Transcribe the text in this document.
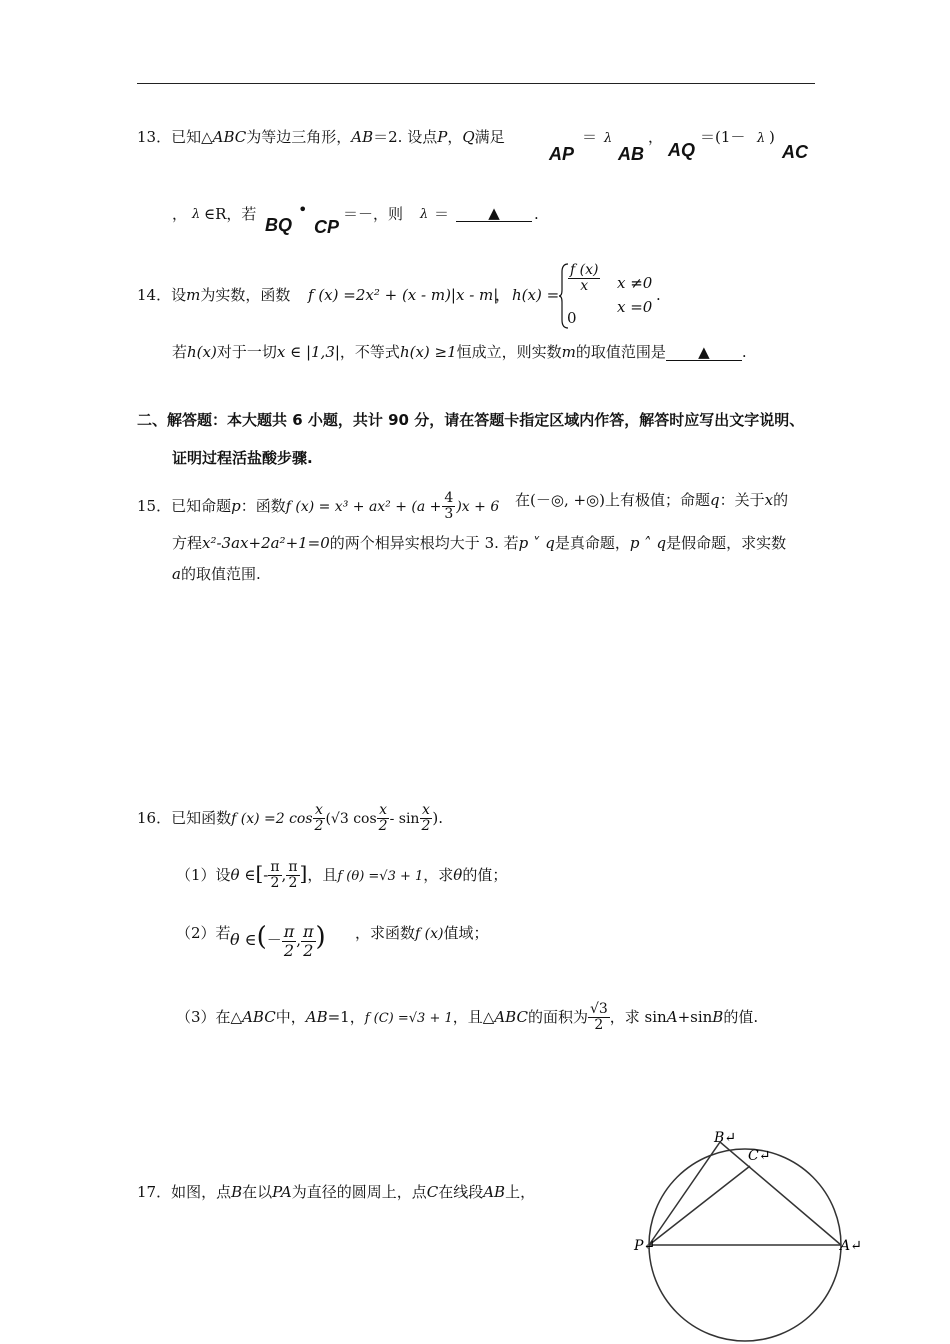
13．已知△ABC为等边三角形，AB＝2. 设点P，Q满足
AP
＝ λ
AB
，
AQ
＝(1－ λ )
AC
， λ ∈R，若
BQ
•
CP
＝－，则 λ ＝	▲	.
14．设m为实数，函数 f (x) =2x² + (x - m)|x - m|
， h(x) =
$\frac{f (x)}{x}$ x ≠0
0
x =0
.
若h(x)对于一切x ∈ |1,3|，不等式h(x) ≥1恒成立，则实数m的取值范围是 ▲ .
二、解答题：本大题共 6 小题，共计 90 分，请在答题卡指定区域内作答，解答时应写出文字说明、
证明过程活盐酸步骤.
15．已知命题p：函数f $(x) = x^3 + ax^2 + (a + \frac{4}{3} )x + 6$ 在(－◎, +◎)上有极值；命题q：关于x的
方程x²-3ax+2a²+1=0的两个相异实根均大于 3. 若p ˅ q是真命题，p ˄ q是假命题，求实数
a的取值范围.
16．已知函数f (x) =2 $\cos \frac{x}{2} (√3$ $\cos \frac{x}{2}$ - $\sin \frac{x}{2}$ ).
（1）设θ ∈[- $\frac{\pi}{2}$ , $\frac{\pi}{2}$ ]，且f (θ) =√3 + 1，求θ的值；
（2）若 θ ∈(－ $\frac{\pi}{2}$ , $\frac{\pi}{2}$ ) ，求函数f (x)值域；
（3）在△ABC中，AB=1，f (C) =√3 + 1，且△ABC的面积为 $\frac{√3}{2}$ ，求 sinA+sinB的值.
17．如图，点B在以PA为直径的圆周上，点C在线段AB上，
B↵
C↵
P↵	A↵
